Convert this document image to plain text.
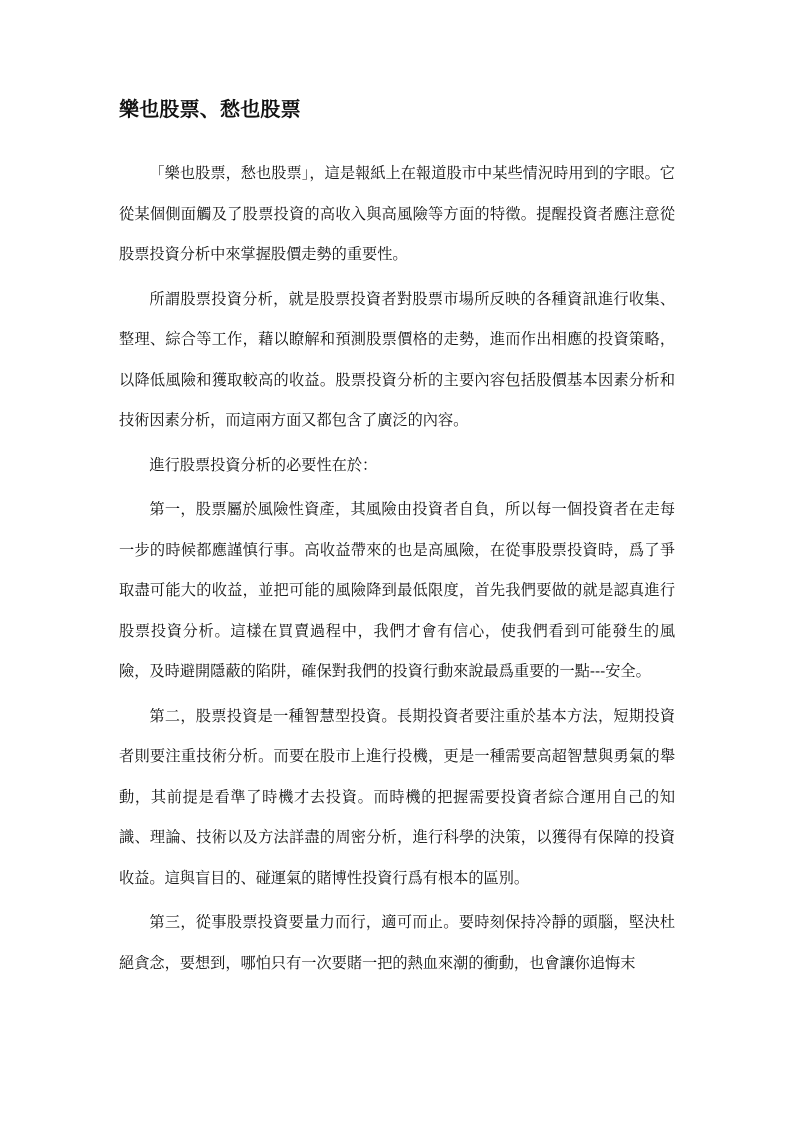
樂也股票、愁也股票

「樂也股票，愁也股票」，這是報紙上在報道股市中某些情況時用到的字眼。它從某個側面觸及了股票投資的高收入與高風險等方面的特徵。提醒投資者應注意從股票投資分析中來掌握股價走勢的重要性。

所謂股票投資分析，就是股票投資者對股票市場所反映的各種資訊進行收集、整理、綜合等工作，藉以瞭解和預測股票價格的走勢，進而作出相應的投資策略，以降低風險和獲取較高的收益。股票投資分析的主要內容包括股價基本因素分析和技術因素分析，而這兩方面又都包含了廣泛的內容。

進行股票投資分析的必要性在於：

第一，股票屬於風險性資產，其風險由投資者自負，所以每一個投資者在走每一步的時候都應謹慎行事。高收益帶來的也是高風險，在從事股票投資時，爲了爭取盡可能大的收益，並把可能的風險降到最低限度，首先我們要做的就是認真進行股票投資分析。這樣在買賣過程中，我們才會有信心，使我們看到可能發生的風險，及時避開隱蔽的陷阱，確保對我們的投資行動來說最爲重要的一點---安全。

第二，股票投資是一種智慧型投資。長期投資者要注重於基本方法，短期投資者則要注重技術分析。而要在股市上進行投機，更是一種需要高超智慧與勇氣的舉動，其前提是看準了時機才去投資。而時機的把握需要投資者綜合運用自己的知識、理論、技術以及方法詳盡的周密分析，進行科學的決策，以獲得有保障的投資收益。這與盲目的、碰運氣的賭博性投資行爲有根本的區別。

第三，從事股票投資要量力而行，適可而止。要時刻保持冷靜的頭腦，堅決杜絕貪念，要想到，哪怕只有一次要賭一把的熱血來潮的衝動，也會讓你追悔末
